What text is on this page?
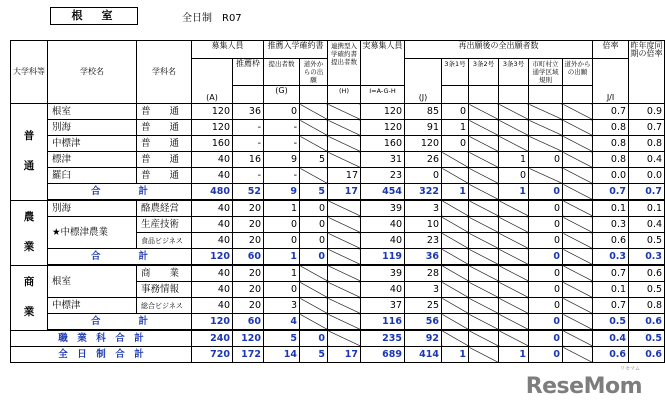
根　室	全日制　R07
大学科等	学校名	学科名	募集人員		推薦入学確約書		連携型入学確約書提出者数	実募集人員	再出願後の全出願者数						倍率	昨年度同期の倍率
			(A)	推薦枠	提出者数	道外からの出願			(J)	3条1号	3条2号	3条3号	市町村立通学区域規則	道外からの出願	J/I	
					(G)		(H)	I=A-G-H								
普

通	根室	普　　通	120	36	0			120	85	0					0.7	0.9
	別海	普　　通	120	-	-			120	91	1					0.8	0.7
	中標津	普　　通	160	-	-			160	120	0					0.8	0.8
	標津	普　　通	40	16	9	5		31	26			1	0		0.8	0.4
	羅臼	普　　通	40	-	-		17	23	0			0			0.0	0.0
	合　　　　計		480	52	9	5	17	454	322	1		1	0		0.7	0.7
農

業	別海	酪農経営	40	20	1	0		39	3				0		0.1	0.1
	★中標津農業	生産技術	40	20	0	0		40	10				0		0.3	0.4
		食品ビジネス	40	20	0	0		40	23				0		0.6	0.5
	合　　　　計		120	60	1	0		119	36				0		0.3	0.3
商

業	根室	商　　業	40	20	1			39	28				0		0.7	0.6
		事務情報	40	20	0			40	3				0		0.1	0.5
	中標津	総合ビジネス	40	20	3			37	25				0		0.7	0.8
	合　　　　計		120	60	4			116	56				0		0.5	0.6
職　業　科　合　計			240	120	5	0		235	92				0		0.4	0.5
全　日　制　合　計			720	172	14	5	17	689	414	1		1	0		0.6	0.6
リセマム
ReseMom
